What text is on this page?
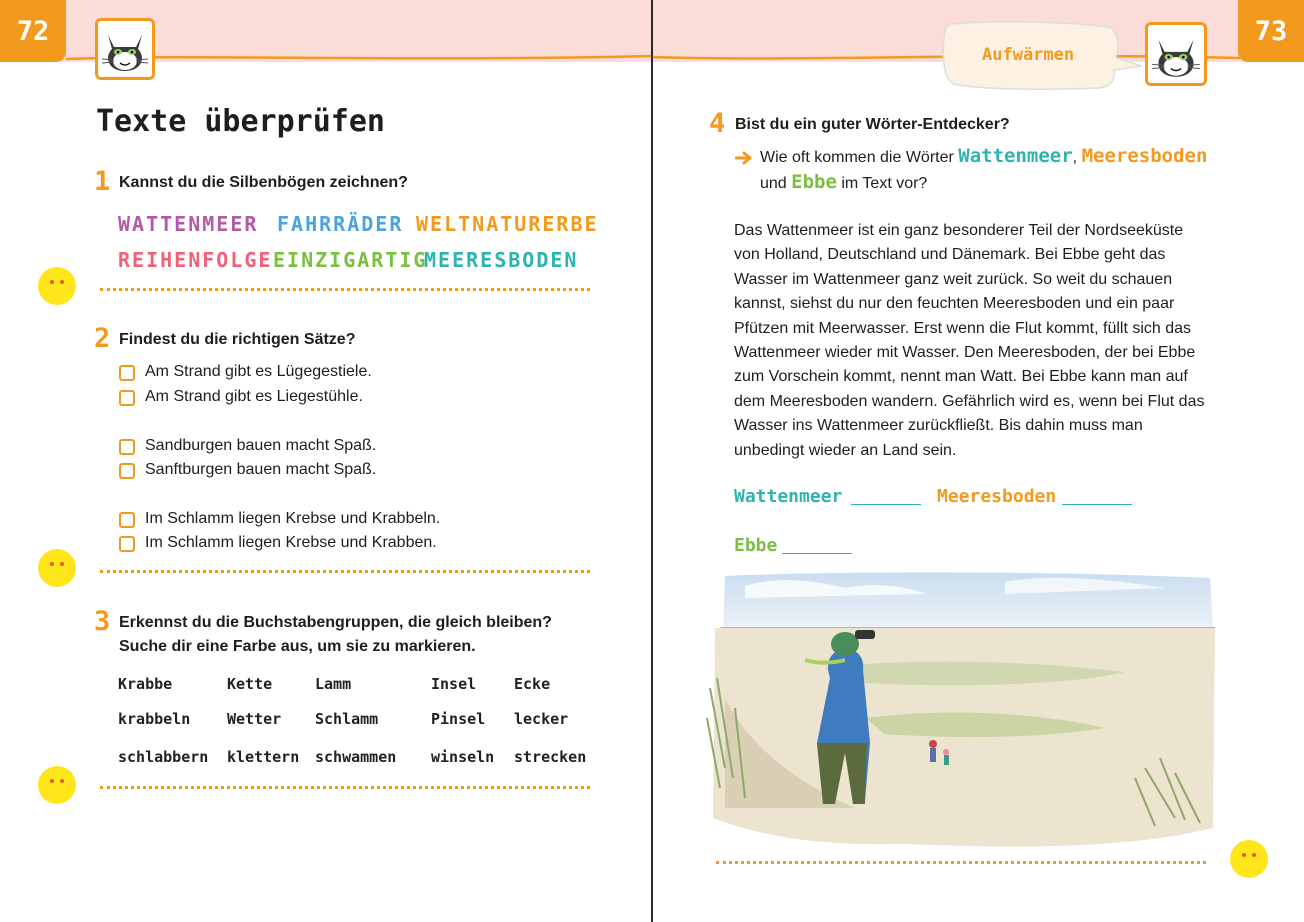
72	73
Aufwärmen
Texte überprüfen
1 Kannst du die Silbenbögen zeichnen?
WATTENMEER FAHRRÄDER WELTNATURERBE
REIHENFOLGE EINZIGARTIG
MEERESBODEN
2 Findest du die richtigen Sätze?
Am Strand gibt es Lügegestiele.
Am Strand gibt es Liegestühle.
Sandburgen bauen macht Spaß.
Sanftburgen bauen macht Spaß.
Im Schlamm liegen Krebse und Krabbeln.
Im Schlamm liegen Krebse und Krabben.
3 Erkennst du die Buchstabengruppen, die gleich bleiben?
Suche dir eine Farbe aus, um sie zu markieren.
Krabbe	Kette	Lamm	Insel	Ecke
krabbeln Wetter Schlamm	Pinsel lecker
schlabbern klettern schwammen winseln strecken
4 Bist du ein guter Wörter-Entdecker?
Wie oft kommen die Wörter Wattenmeer, Meeresboden
und Ebbe im Text vor?
Das Wattenmeer ist ein ganz besonderer Teil der Nordseeküste von Holland, Deutschland und Dänemark. Bei Ebbe geht das Wasser im Wattenmeer ganz weit zurück. So weit du schauen kannst, siehst du nur den feuchten Meeresboden und ein paar Pfützen mit Meerwasser. Erst wenn die Flut kommt, füllt sich das Wattenmeer wieder mit Wasser. Den Meeresboden, der bei Ebbe zum Vorschein kommt, nennt man Watt. Bei Ebbe kann man auf dem Meeresboden wandern. Gefährlich wird es, wenn bei Flut das Wasser ins Wattenmeer zurückfließt. Bis dahin muss man unbedingt wieder an Land sein.
Wattenmeer	Meeresboden
Ebbe
